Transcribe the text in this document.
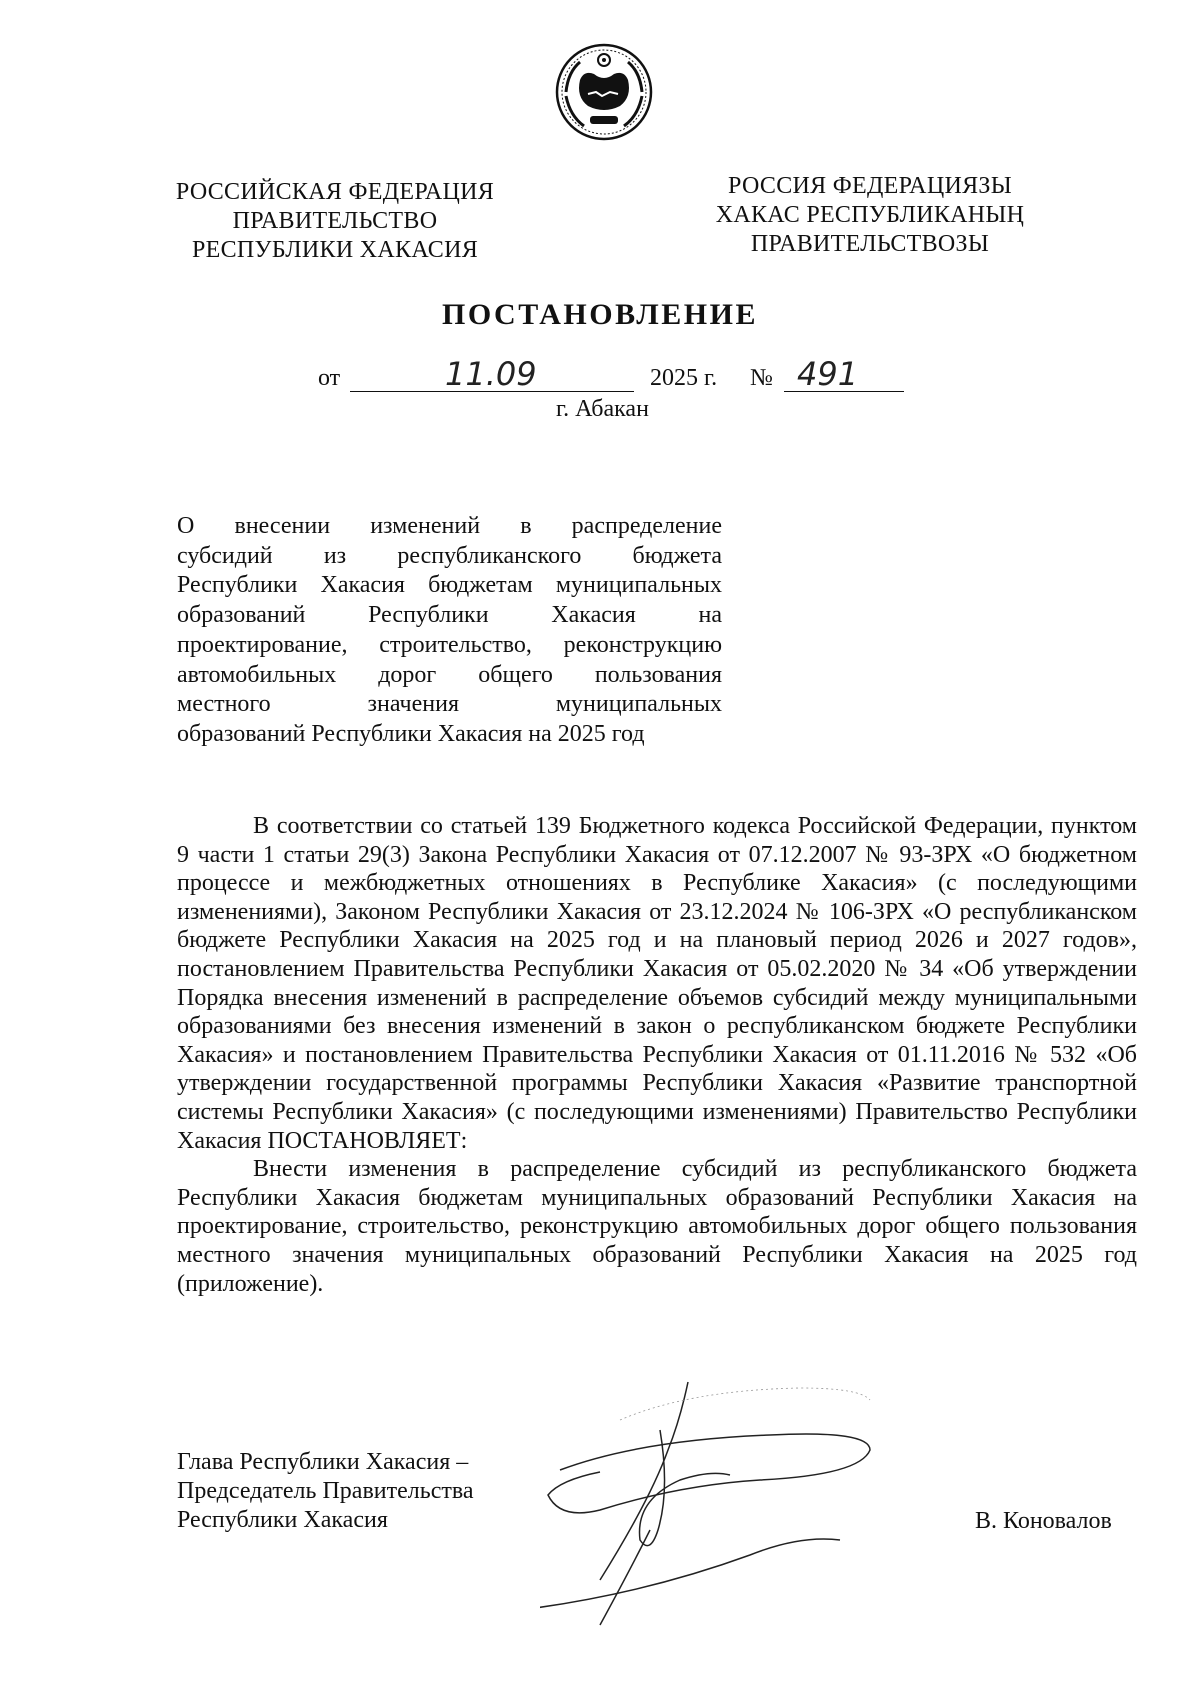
РОССИЙСКАЯ ФЕДЕРАЦИЯ
ПРАВИТЕЛЬСТВО
РЕСПУБЛИКИ ХАКАСИЯ
РОССИЯ ФЕДЕРАЦИЯЗЫ
ХАКАС РЕСПУБЛИКАНЫҢ
ПРАВИТЕЛЬСТВОЗЫ
ПОСТАНОВЛЕНИЕ
от	11.09	2025 г. № 491
г. Абакан
О внесении изменений в распределение
субсидий из республиканского бюджета
Республики Хакасия бюджетам муниципальных
образований Республики Хакасия на
проектирование, строительство, реконструкцию
автомобильных дорог общего пользования
местного значения муниципальных
образований Республики Хакасия на 2025 год

В соответствии со статьей 139 Бюджетного кодекса Российской Федерации, пунктом 9 части 1 статьи 29(3) Закона Республики Хакасия от 07.12.2007 № 93-ЗРХ «О бюджетном процессе и межбюджетных отношениях в Республике Хакасия» (с последующими изменениями), Законом Республики Хакасия от 23.12.2024 № 106-ЗРХ «О республиканском бюджете Республики Хакасия на 2025 год и на плановый период 2026 и 2027 годов», постановлением Правительства Республики Хакасия от 05.02.2020 № 34 «Об утверждении Порядка внесения изменений в распределение объемов субсидий между муниципальными образованиями без внесения изменений в закон о республиканском бюджете Республики Хакасия» и постановлением Правительства Республики Хакасия от 01.11.2016 № 532 «Об утверждении государственной программы Республики Хакасия «Развитие транспортной системы Республики Хакасия» (с последующими изменениями) Правительство Республики Хакасия ПОСТАНОВЛЯЕТ:

Внести изменения в распределение субсидий из республиканского бюджета Республики Хакасия бюджетам муниципальных образований Республики Хакасия на проектирование, строительство, реконструкцию автомобильных дорог общего пользования местного значения муниципальных образований Республики Хакасия на 2025 год (приложение).

Глава Республики Хакасия –
Председатель Правительства
Республики Хакасия	В. Коновалов
